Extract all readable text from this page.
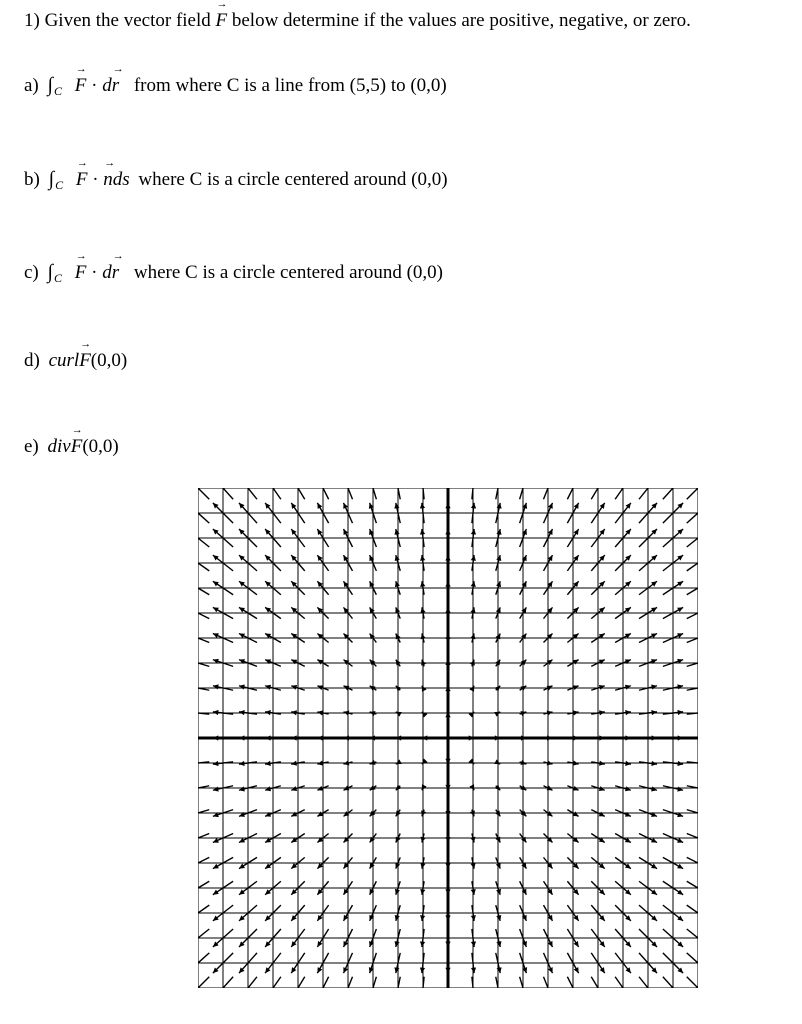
1) Given the vector field → F below determine if the values are positive, negative, or zero.
a) $\int_C \to F \cdot d\to r$ from where C is a line from (5,5) to (0,0)
b) $\int_C \to F$ · → nds where C is a circle centered around (0,0)
c) $\int_C \to F \cdot d\to r$ where C is a circle centered around (0,0)
d) curl→ F(0,0)
e) div→ F(0,0)
